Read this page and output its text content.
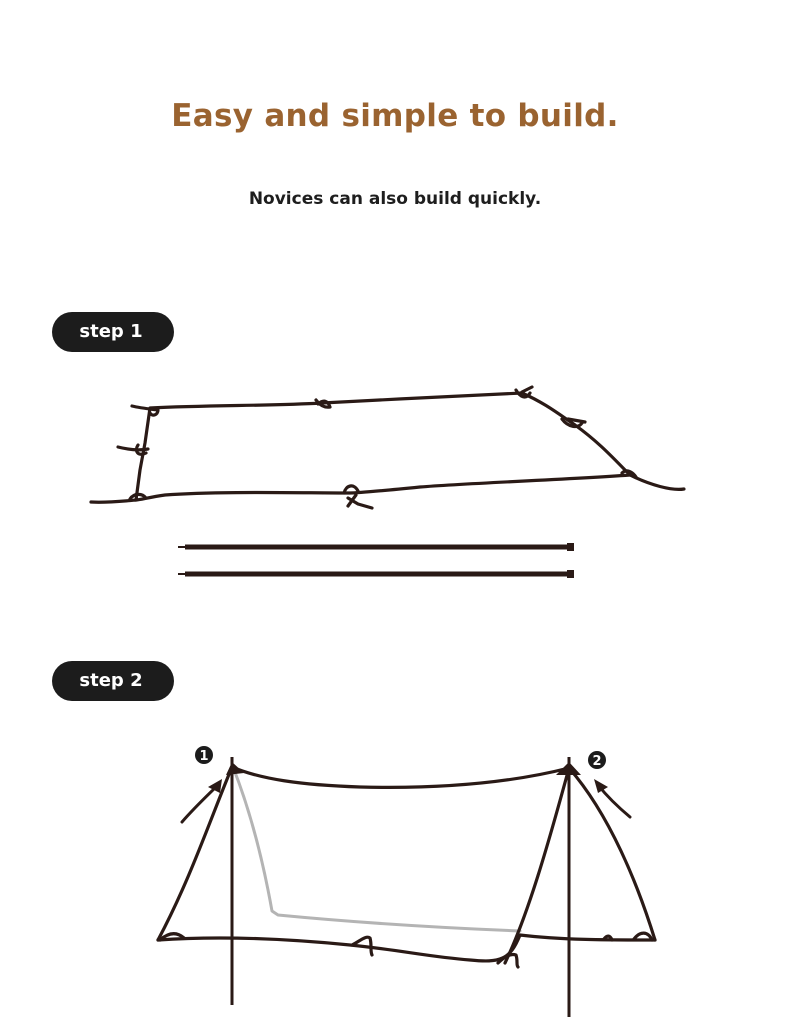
Easy and simple to build.
Novices can also build quickly.
step 1
step 2
1	2
